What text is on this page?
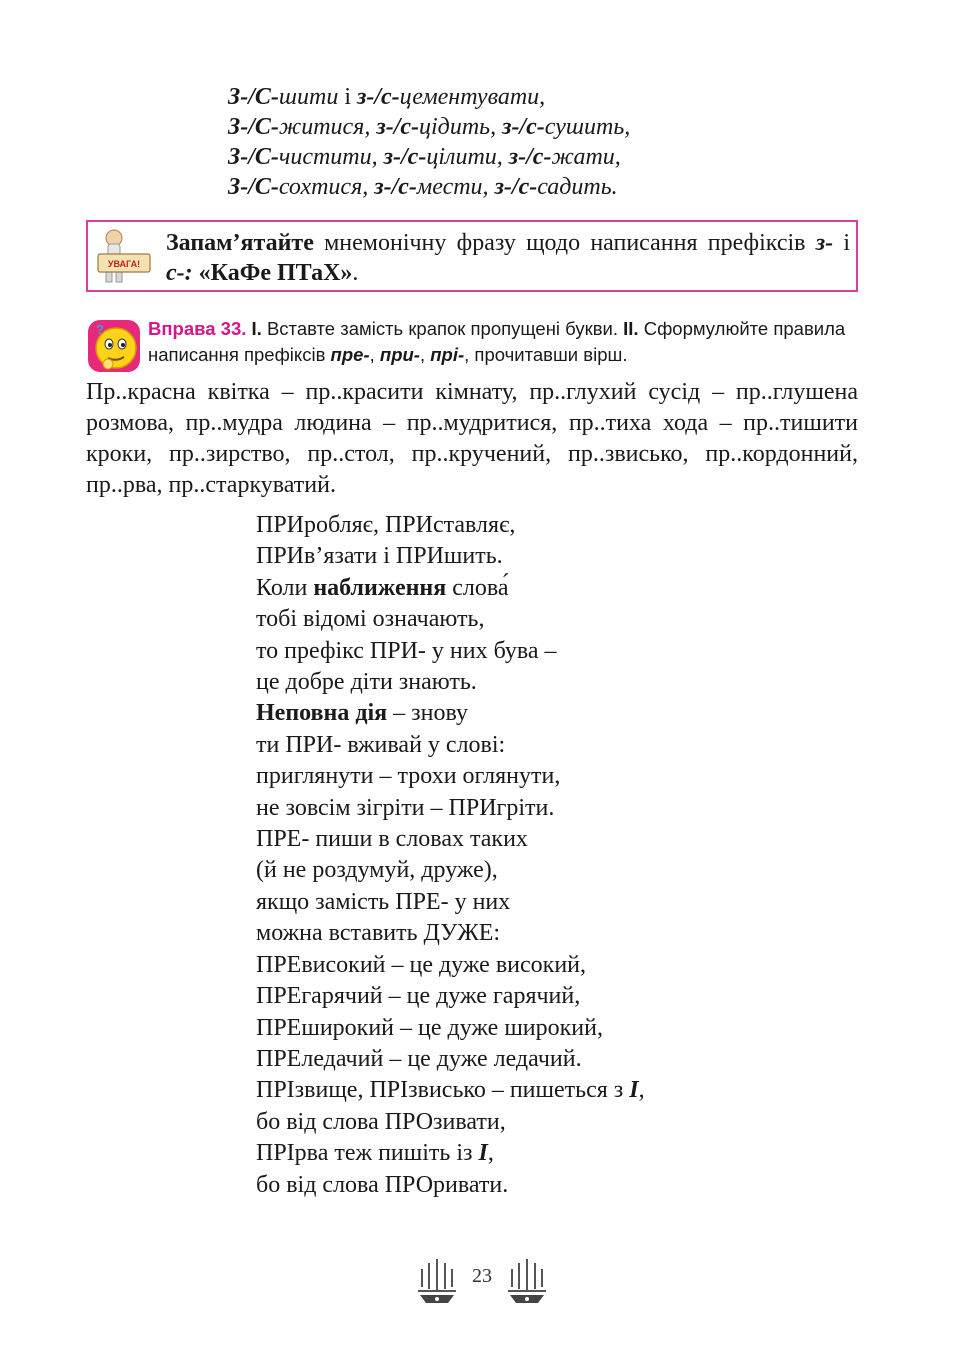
УВАГА!
Запам’ятайте мнемонічну фразу щодо написання префіксів з- і с-: «КаФе ПТаХ».
? Вправа 33. І. Вставте замість крапок пропущені букви. ІІ. Сформулюйте правила написання префіксів пре-, при-, прі-, прочитавши вірш.
Пр..красна квітка – пр..красити кімнату, пр..глухий сусід – пр..глушена розмова, пр..мудра людина – пр..мудритися, пр..тиха хода – пр..тишити кроки, пр..зирство, пр..стол, пр..кручений, пр..звисько, пр..кордонний, пр..рва, пр..старкуватий.
ПРИробляє, ПРИставляє,
ПРИв’язати і ПРИшить.
Коли наближення слова́
тобі відомі означають,
то префікс ПРИ- у них бува –
це добре діти знають.
Неповна дія – знову
ти ПРИ- вживай у слові:
приглянути – трохи оглянути,
не зовсім зігріти – ПРИгріти.
ПРЕ- пиши в словах таких
(й не роздумуй, друже),
якщо замість ПРЕ- у них
можна вставить ДУЖЕ:
ПРЕвисокий – це дуже високий,
ПРЕгарячий – це дуже гарячий,
ПРЕширокий – це дуже широкий,
ПРЕледачий – це дуже ледачий.
ПРІзвище, ПРІзвисько – пишеться з І,
бо від слова ПРОзивати,
ПРІрва теж пишіть із І,
бо від слова ПРОривати.
23
З-/С-шити і з-/с-цементувати,
З-/С-житися, з-/с-цідить, з-/с-сушить,
З-/С-чистити, з-/с-цілити, з-/с-жати,
З-/С-сохтися, з-/с-мести, з-/с-садить.
